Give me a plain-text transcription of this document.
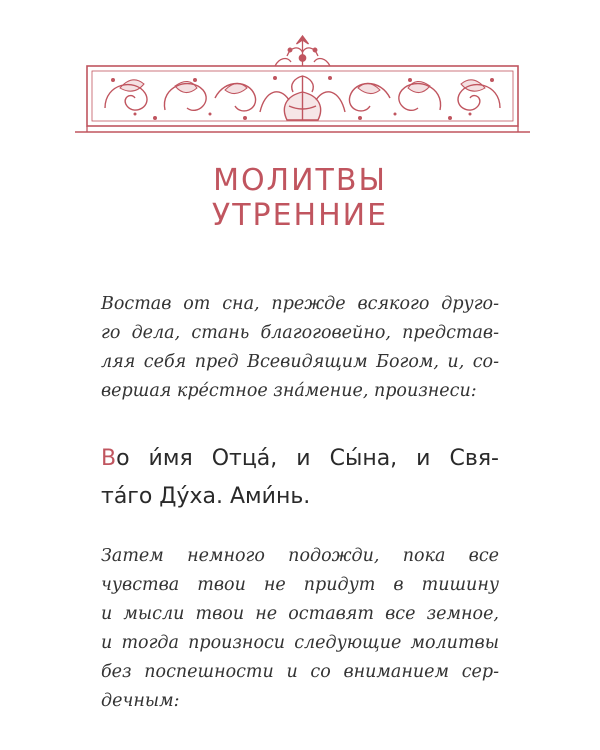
МОЛИТВЫ
УТРЕННИЕ

Востав от сна, прежде всякого друго-
го дела, стань благоговейно, представ-
ляя себя пред Всевидящим Богом, и, со-
вершая кре́стное зна́мение, произнеси:

Во и́мя Отца́, и Сы́на, и Свя-
та́го Ду́ха. Ами́нь.

Затем немного подожди, пока все
чувства твои не придут в тишину
и мысли твои не оставят все земное,
и тогда произноси следующие молитвы
без поспешности и со вниманием сер-
дечным:
